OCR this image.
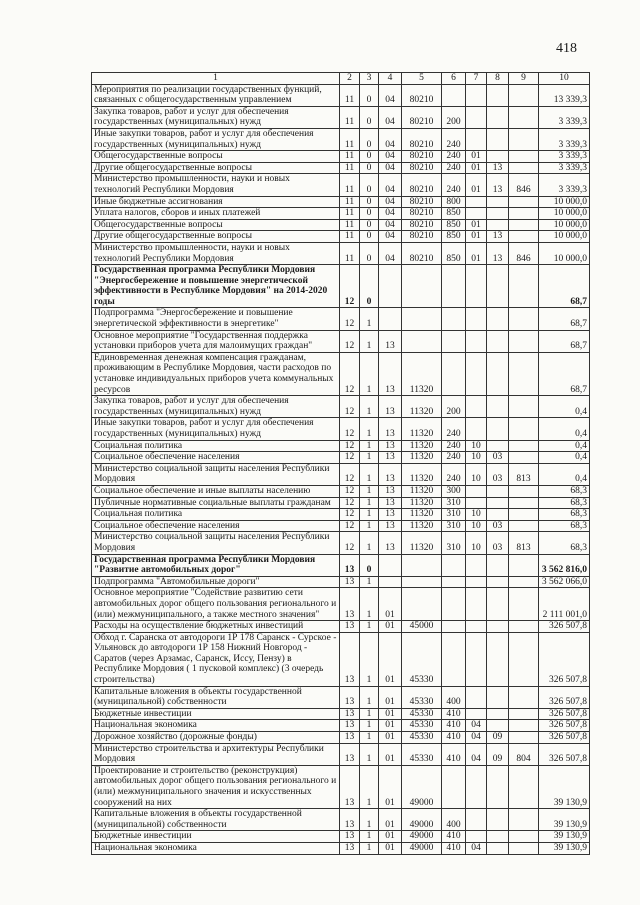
418
1	2	3	4	5	6	7	8	9	10
Мероприятия по реализации государственных функций, связанных с общегосударственным управлением	11	0	04	80210					13 339,3
Закупка товаров, работ и услуг для обеспечения государственных (муниципальных) нужд	11	0	04	80210	200				3 339,3
Иные закупки товаров, работ и услуг для обеспечения государственных (муниципальных) нужд	11	0	04	80210	240				3 339,3
Общегосударственные вопросы	11	0	04	80210	240	01			3 339,3
Другие общегосударственные вопросы	11	0	04	80210	240	01	13		3 339,3
Министерство промышленности, науки и новых технологий Республики Мордовия	11	0	04	80210	240	01	13	846	3 339,3
Иные бюджетные ассигнования	11	0	04	80210	800				10 000,0
Уплата налогов, сборов и иных платежей	11	0	04	80210	850				10 000,0
Общегосударственные вопросы	11	0	04	80210	850	01			10 000,0
Другие общегосударственные вопросы	11	0	04	80210	850	01	13		10 000,0
Министерство промышленности, науки и новых технологий Республики Мордовия	11	0	04	80210	850	01	13	846	10 000,0
Государственная программа Республики Мордовия "Энергосбережение и повышение энергетической эффективности в Республике Мордовия" на 2014-2020 годы	12	0							68,7
Подпрограмма "Энергосбережение и повышение энергетической эффективности в энергетике"	12	1							68,7
Основное мероприятие "Государственная поддержка установки приборов учета для малоимущих граждан"	12	1	13						68,7
Единовременная денежная компенсация гражданам, проживающим в Республике Мордовия, части расходов по установке индивидуальных приборов учета коммунальных ресурсов	12	1	13	11320					68,7
Закупка товаров, работ и услуг для обеспечения государственных (муниципальных) нужд	12	1	13	11320	200				0,4
Иные закупки товаров, работ и услуг для обеспечения государственных (муниципальных) нужд	12	1	13	11320	240				0,4
Социальная политика	12	1	13	11320	240	10			0,4
Социальное обеспечение населения	12	1	13	11320	240	10	03		0,4
Министерство социальной защиты населения Республики Мордовия	12	1	13	11320	240	10	03	813	0,4
Социальное обеспечение и иные выплаты населению	12	1	13	11320	300				68,3
Публичные нормативные социальные выплаты гражданам	12	1	13	11320	310				68,3
Социальная политика	12	1	13	11320	310	10			68,3
Социальное обеспечение населения	12	1	13	11320	310	10	03		68,3
Министерство социальной защиты населения Республики Мордовия	12	1	13	11320	310	10	03	813	68,3
Государственная программа Республики Мордовия "Развитие автомобильных дорог"	13	0							3 562 816,0
Подпрограмма "Автомобильные дороги"	13	1							3 562 066,0
Основное мероприятие "Содействие развитию сети автомобильных дорог общего пользования регионального и (или) межмуниципального, а также местного значения"	13	1	01						2 111 001,0
Расходы на осуществление бюджетных инвестиций	13	1	01	45000					326 507,8
Обход г. Саранска от автодороги 1Р 178 Саранск - Сурское - Ульяновск до автодороги 1Р 158 Нижний Новгород - Саратов (через Арзамас, Саранск, Исcу, Пензу) в Республике Мордовия ( 1 пусковой комплекс) (3 очередь строительства)	13	1	01	45330					326 507,8
Капитальные вложения в объекты государственной (муниципальной) собственности	13	1	01	45330	400				326 507,8
Бюджетные инвестиции	13	1	01	45330	410				326 507,8
Национальная экономика	13	1	01	45330	410	04			326 507,8
Дорожное хозяйство (дорожные фонды)	13	1	01	45330	410	04	09		326 507,8
Министерство строительства и архитектуры Республики Мордовия	13	1	01	45330	410	04	09	804	326 507,8
Проектирование и строительство (реконструкция) автомобильных дорог общего пользования регионального и (или) межмуниципального значения и искусственных сооружений на них	13	1	01	49000					39 130,9
Капитальные вложения в объекты государственной (муниципальной) собственности	13	1	01	49000	400				39 130,9
Бюджетные инвестиции	13	1	01	49000	410				39 130,9
Национальная экономика	13	1	01	49000	410	04			39 130,9
